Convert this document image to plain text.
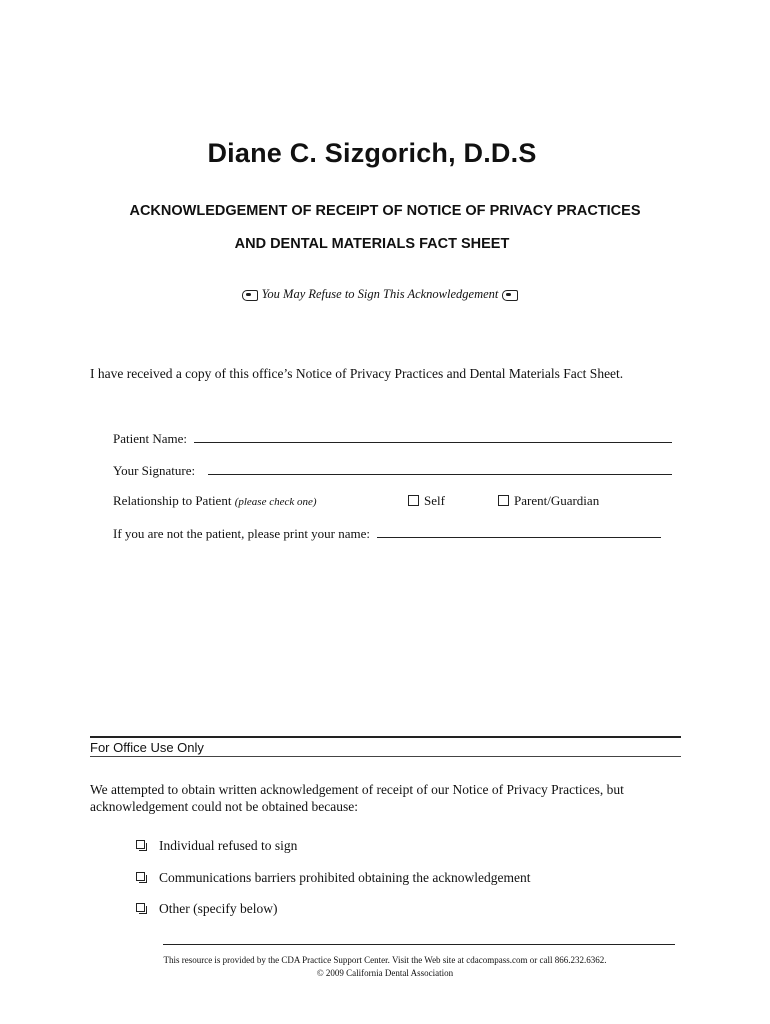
Diane C. Sizgorich, D.D.S
ACKNOWLEDGEMENT OF RECEIPT OF NOTICE OF PRIVACY PRACTICES
AND DENTAL MATERIALS FACT SHEET
You May Refuse to Sign This Acknowledgement
I have received a copy of this office’s Notice of Privacy Practices and Dental Materials Fact Sheet.
Patient Name:
Your Signature:
Relationship to Patient (please check one)	Self	Parent/Guardian
If you are not the patient, please print your name:
For Office Use Only
We attempted to obtain written acknowledgement of receipt of our Notice of Privacy Practices, but acknowledgement could not be obtained because:
Individual refused to sign
Communications barriers prohibited obtaining the acknowledgement
Other (specify below)
This resource is provided by the CDA Practice Support Center. Visit the Web site at cdacompass.com or call 866.232.6362.
© 2009 California Dental Association
